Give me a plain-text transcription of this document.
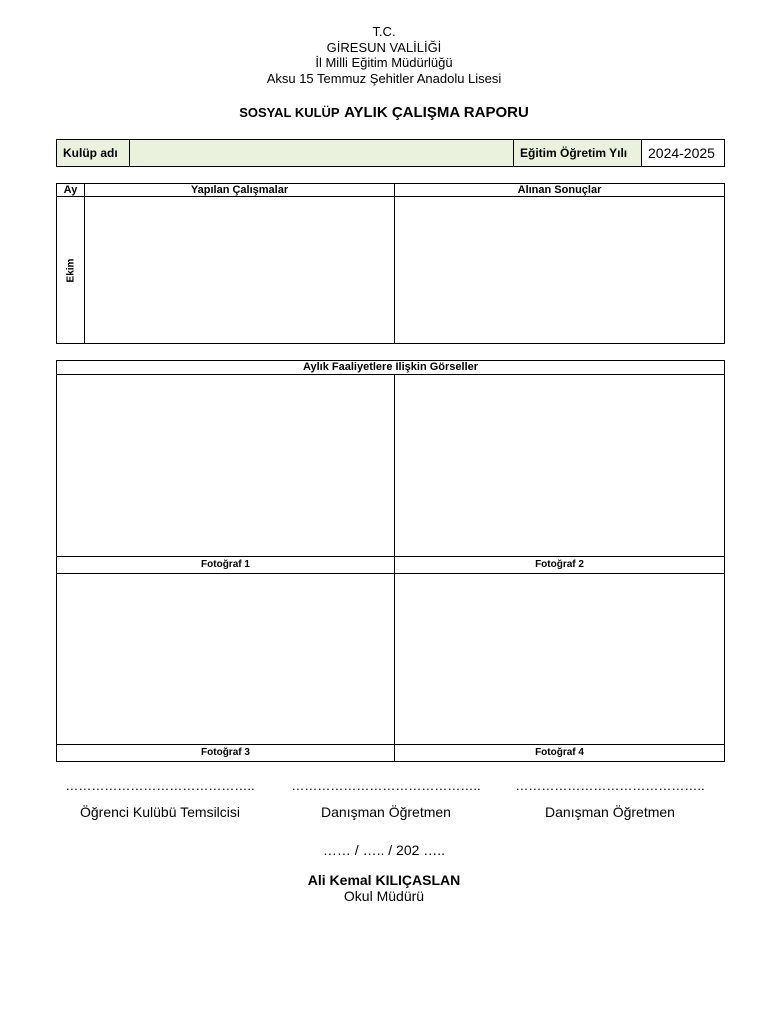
T.C.
GİRESUN VALİLİĞİ
İl Milli Eğitim Müdürlüğü
Aksu 15 Temmuz Şehitler Anadolu Lisesi
SOSYAL KULÜP AYLIK ÇALIŞMA RAPORU
Kulüp adı		Eğitim Öğretim Yılı	2024-2025
Ay	Yapılan Çalışmalar	Alınan Sonuçlar

Ekim		

Aylık Faaliyetlere Ilişkin Görseller	

Fotoğraf 1	Fotoğraf 2

Fotoğraf 3	Fotoğraf 4
……………………………………..	……………………………………..	……………………………………..
Öğrenci Kulübü Temsilcisi	Danışman Öğretmen	Danışman Öğretmen
…… / ….. / 202 …..
Ali Kemal KILIÇASLAN
Okul Müdürü
